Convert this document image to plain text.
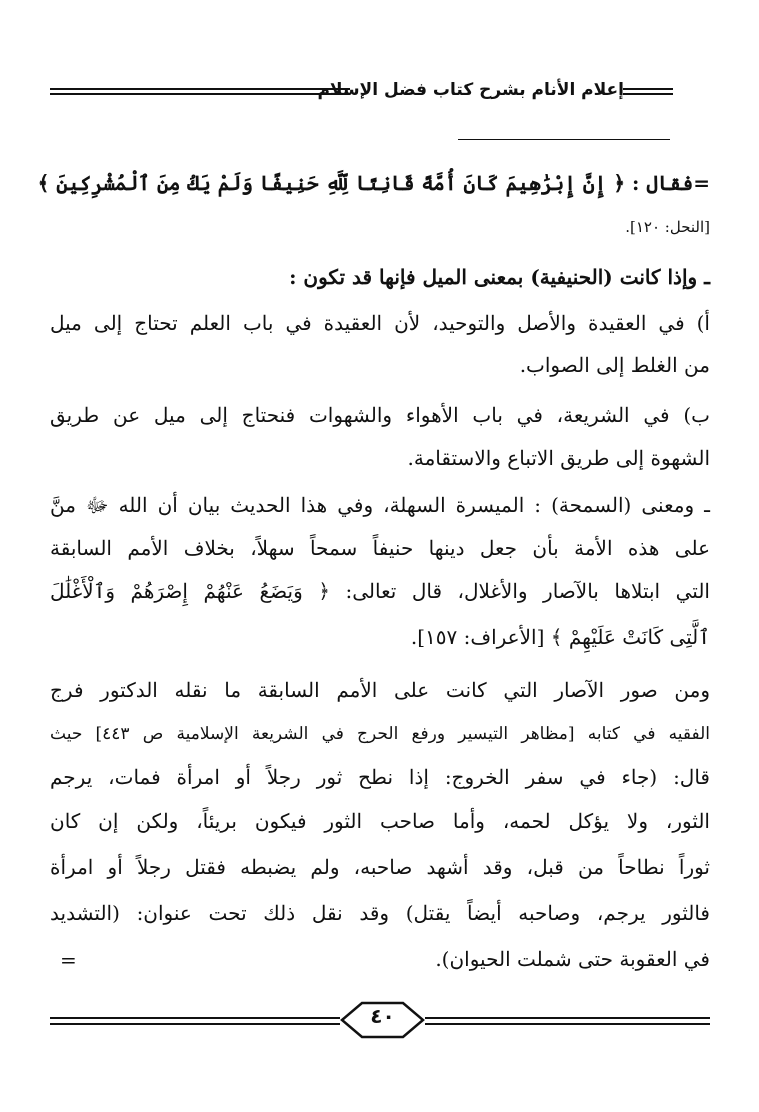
إعلام الأنام بشرح كتاب فضل الإسلام
=فقال : ﴿ إِنَّ إِبْرَٰهِيمَ كَانَ أُمَّةً قَانِتًا لِّلَّهِ حَنِيفًا وَلَمْ يَكُ مِنَ ٱلْمُشْرِكِينَ ﴾
[النحل: ١٢٠].
ـ وإذا كانت (الحنيفية) بمعنى الميل فإنها قد تكون :
أ) في العقيدة والأصل والتوحيد، لأن العقيدة في باب العلم تحتاج إلى ميل
من الغلط إلى الصواب.
ب) في الشريعة، في باب الأهواء والشهوات فنحتاج إلى ميل عن طريق
الشهوة إلى طريق الاتباع والاستقامة.
ـ ومعنى (السمحة) : الميسرة السهلة، وفي هذا الحديث بيان أن الله ﷻ منَّ
على هذه الأمة بأن جعل دينها حنيفاً سمحاً سهلاً، بخلاف الأمم السابقة
التي ابتلاها بالآصار والأغلال، قال تعالى: ﴿ وَيَضَعُ عَنْهُمْ إِصْرَهُمْ وَٱلْأَغْلَٰلَ
ٱلَّتِى كَانَتْ عَلَيْهِمْ ﴾ [الأعراف: ١٥٧].
ومن صور الآصار التي كانت على الأمم السابقة ما نقله الدكتور فرج
الفقيه في كتابه [مظاهر التيسير ورفع الحرج في الشريعة الإسلامية ص ٤٤٣] حيث
قال: (جاء في سفر الخروج: إذا نطح ثور رجلاً أو امرأة فمات، يرجم
الثور، ولا يؤكل لحمه، وأما صاحب الثور فيكون بريئاً، ولكن إن كان
ثوراً نطاحاً من قبل، وقد أشهد صاحبه، ولم يضبطه فقتل رجلاً أو امرأة
فالثور يرجم، وصاحبه أيضاً يقتل) وقد نقل ذلك تحت عنوان: (التشديد
في العقوبة حتى شملت الحيوان).
=
٤٠
